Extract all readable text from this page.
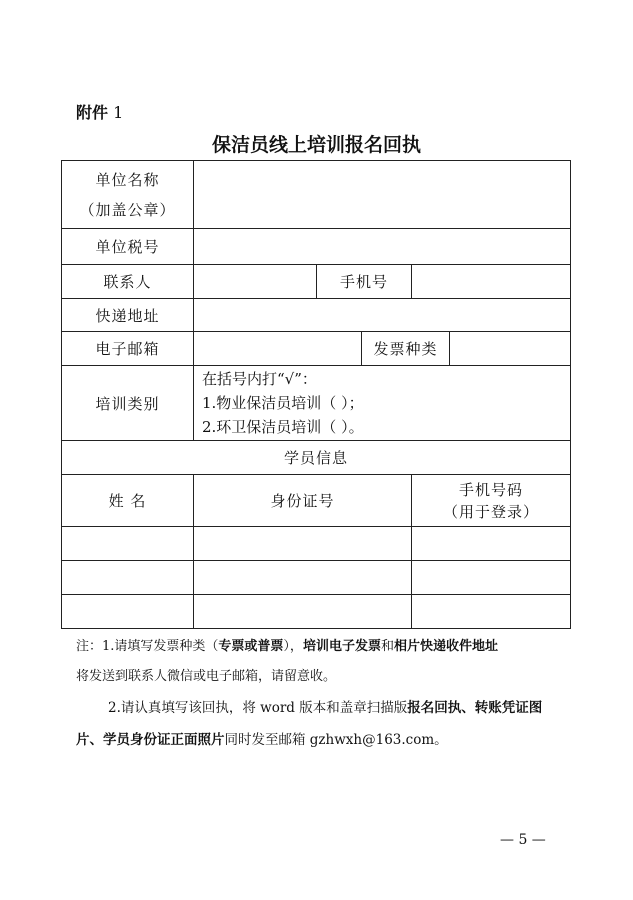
附件 1
保洁员线上培训报名回执
单位名称
（加盖公章）					

单位税号					
联系人		手机号			
快递地址					
电子邮箱			发票种类		
培训类别	在括号内打“√”：
1.物业保洁员培训（ ）；
2.环卫保洁员培训（ ）。				

学员信息					
姓 名	身份证号			手机号码
（用于登录）	

注：1.请填写发票种类（专票或普票），培训电子发票和相片快递收件地址

将发送到联系人微信或电子邮箱，请留意收。

2.请认真填写该回执，将 word 版本和盖章扫描版报名回执、转账凭证图片、学员身份证正面照片同时发至邮箱 gzhwxh@163.com。

— 5 —
